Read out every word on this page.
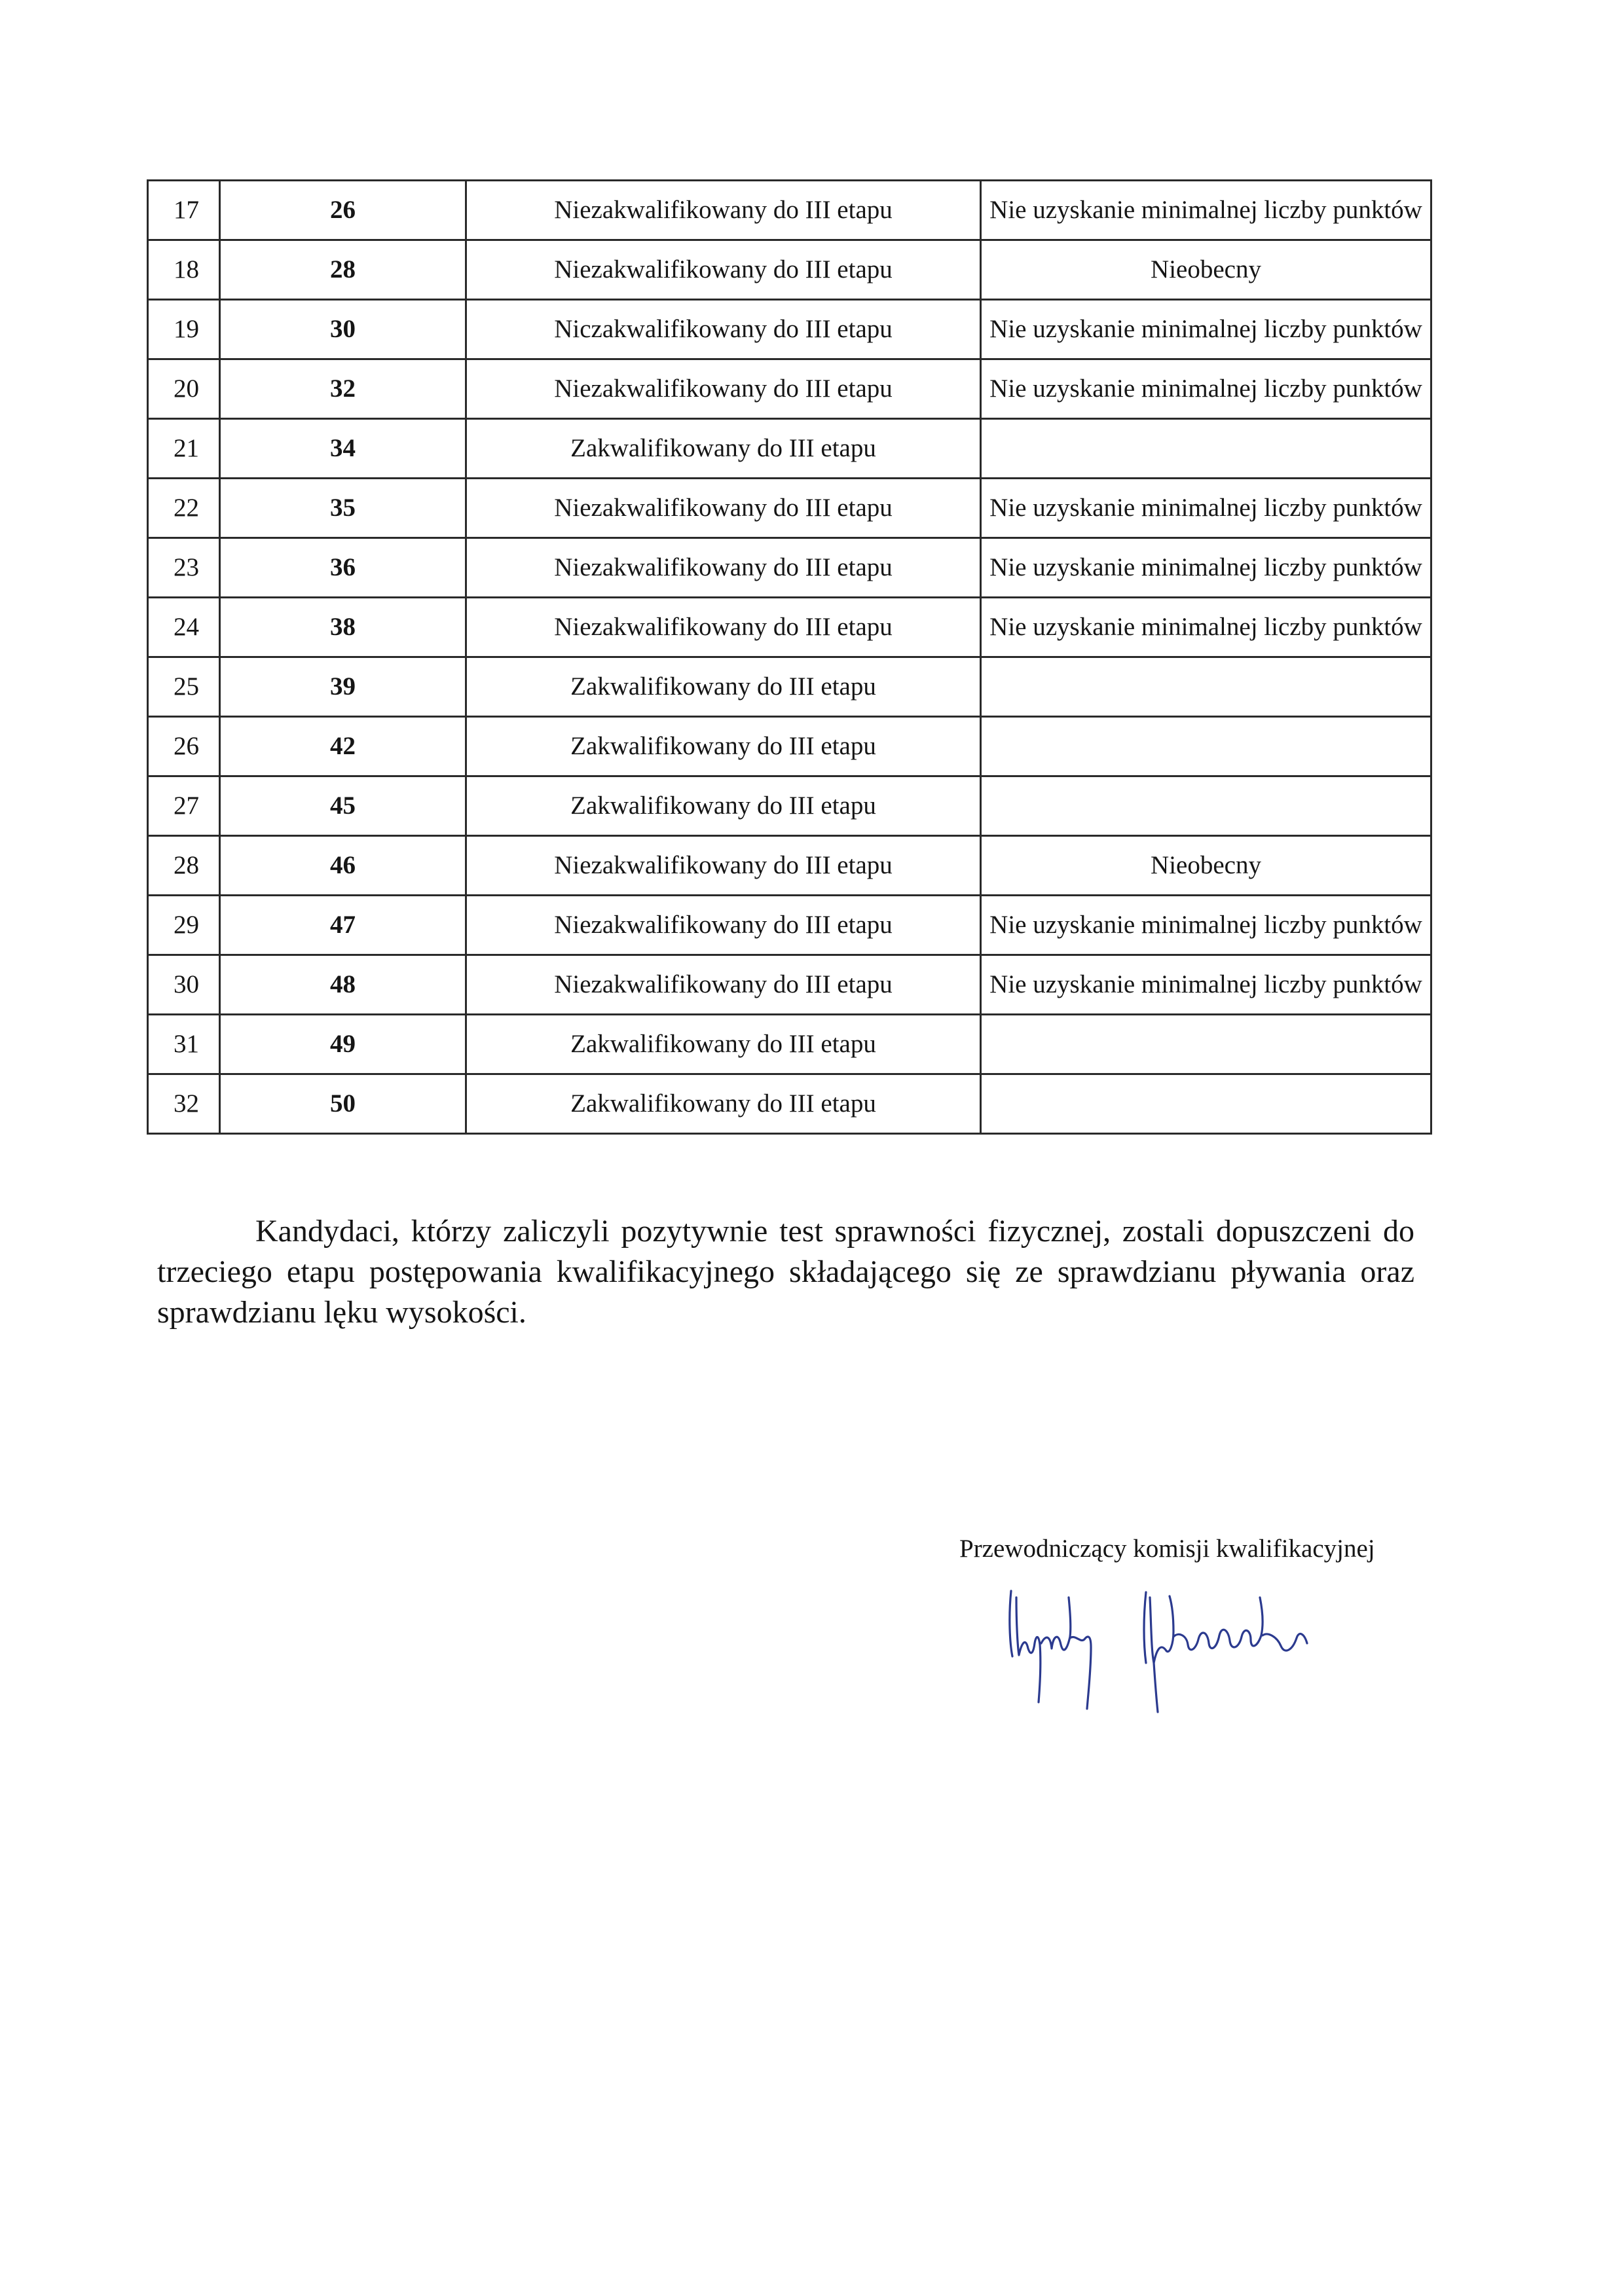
17	26	Niezakwalifikowany do III etapu	Nie uzyskanie minimalnej liczby punktów
18	28	Niezakwalifikowany do III etapu	Nieobecny
19	30	Niczakwalifikowany do III etapu	Nie uzyskanie minimalnej liczby punktów
20	32	Niezakwalifikowany do III etapu	Nie uzyskanie minimalnej liczby punktów
21	34	Zakwalifikowany do III etapu	
22	35	Niezakwalifikowany do III etapu	Nie uzyskanie minimalnej liczby punktów
23	36	Niezakwalifikowany do III etapu	Nie uzyskanie minimalnej liczby punktów
24	38	Niezakwalifikowany do III etapu	Nie uzyskanie minimalnej liczby punktów
25	39	Zakwalifikowany do III etapu	
26	42	Zakwalifikowany do III etapu	
27	45	Zakwalifikowany do III etapu	
28	46	Niezakwalifikowany do III etapu	Nieobecny
29	47	Niezakwalifikowany do III etapu	Nie uzyskanie minimalnej liczby punktów
30	48	Niezakwalifikowany do III etapu	Nie uzyskanie minimalnej liczby punktów
31	49	Zakwalifikowany do III etapu	
32	50	Zakwalifikowany do III etapu	
Kandydaci, którzy zaliczyli pozytywnie test sprawności fizycznej, zostali dopuszczeni do trzeciego etapu postępowania kwalifikacyjnego składającego się ze sprawdzianu pływania oraz sprawdzianu lęku wysokości.
Przewodniczący komisji kwalifikacyjnej
